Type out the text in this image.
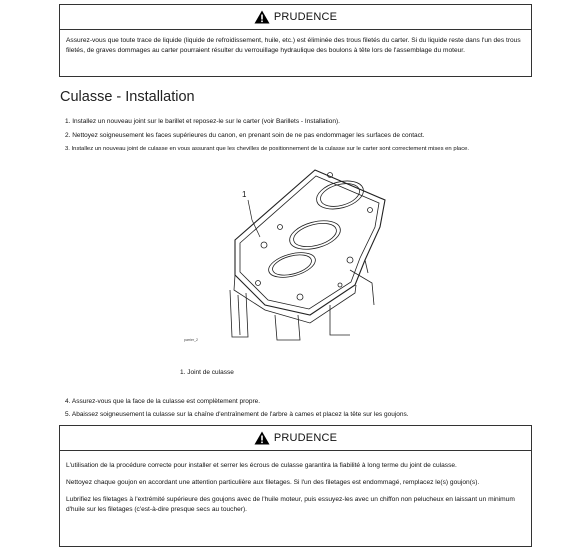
PRUDENCE

Assurez-vous que toute trace de liquide (liquide de refroidissement, huile, etc.) est éliminée des trous filetés du carter. Si du liquide reste dans l'un des trous filetés, de graves dommages au carter pourraient résulter du verrouillage hydraulique des boulons à tête lors de l'assemblage du moteur.

Culasse - Installation
1. Installez un nouveau joint sur le barillet et reposez-le sur le carter (voir Barillets - Installation).
2. Nettoyez soigneusement les faces supérieures du canon, en prenant soin de ne pas endommager les surfaces de contact.
3. Installez un nouveau joint de culasse en vous assurant que les chevilles de positionnement de la culasse sur le carter sont correctement mises en place.
1
parrier_2
1. Joint de culasse
4. Assurez-vous que la face de la culasse est complètement propre.
5. Abaissez soigneusement la culasse sur la chaîne d'entraînement de l'arbre à cames et placez la tête sur les goujons.
PRUDENCE

L'utilisation de la procédure correcte pour installer et serrer les écrous de culasse garantira la fiabilité à long terme du joint de culasse.

Nettoyez chaque goujon en accordant une attention particulière aux filetages. Si l'un des filetages est endommagé, remplacez le(s) goujon(s).

Lubrifiez les filetages à l'extrémité supérieure des goujons avec de l'huile moteur, puis essuyez-les avec un chiffon non pelucheux en laissant un minimum d'huile sur les filetages (c'est-à-dire presque secs au toucher).
